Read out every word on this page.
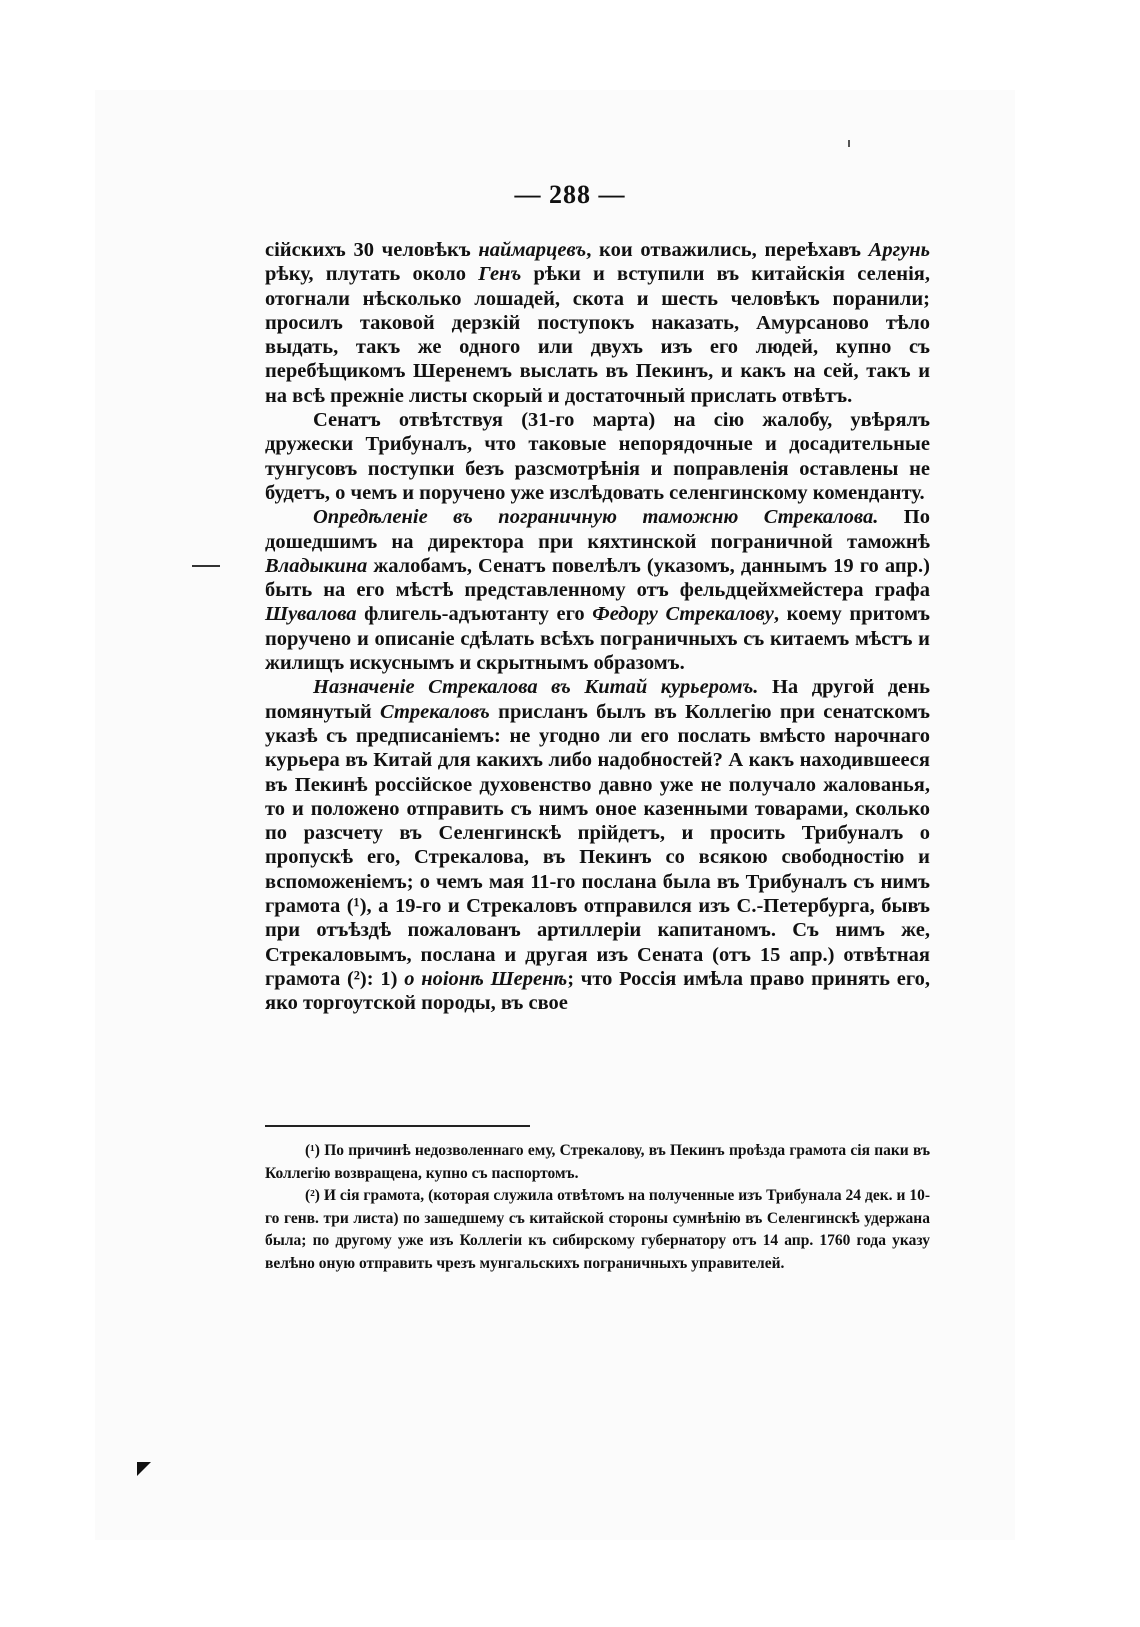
— 288 —

сійскихъ 30 человѣкъ наймарцевъ, кои отважились, переѣхавъ Аргунь рѣку, плутать около Генъ рѣки и вступили въ китайскія селенія, отогнали нѣсколько лошадей, скота и шесть человѣкъ поранили; просилъ таковой дерзкій поступокъ наказать, Амурсаново тѣло выдать, такъ же одного или двухъ изъ его людей, купно съ перебѣщикомъ Шеренемъ выслать въ Пекинъ, и какъ на сей, такъ и на всѣ прежніе листы скорый и достаточный прислать отвѣтъ.

Сенатъ отвѣтствуя (31-го марта) на сію жалобу, увѣрялъ дружески Трибуналъ, что таковые непорядочные и досадительные тунгусовъ поступки безъ разсмотрѣнія и поправленія оставлены не будетъ, о чемъ и поручено уже изслѣдовать селенгинскому коменданту.

Опредѣленіе въ пограничную таможню Стрекалова. По дошедшимъ на директора при кяхтинской пограничной таможнѣ Владыкина жалобамъ, Сенатъ повелѣлъ (указомъ, даннымъ 19 го апр.) быть на его мѣстѣ представленному отъ фельдцейхмейстера графа Шувалова флигель-адъютанту его Федору Стрекалову, коему притомъ поручено и описаніе сдѣлать всѣхъ пограничныхъ съ китаемъ мѣстъ и жилищъ искуснымъ и скрытнымъ образомъ.

Назначеніе Стрекалова въ Китай курьеромъ. На другой день помянутый Стрекаловъ присланъ былъ въ Коллегію при сенатскомъ указѣ съ предписаніемъ: не угодно ли его послать вмѣсто нарочнаго курьера въ Китай для какихъ либо надобностей? А какъ находившееся въ Пекинѣ россійское духовенство давно уже не получало жалованья, то и положено отправить съ нимъ оное казенными товарами, сколько по разсчету въ Селенгинскѣ прійдетъ, и просить Трибуналъ о пропускѣ его, Стрекалова, въ Пекинъ со всякою свободностію и вспоможеніемъ; о чемъ мая 11-го послана была въ Трибуналъ съ нимъ грамота (¹), а 19-го и Стрекаловъ отправился изъ С.-Петербурга, бывъ при отъѣздѣ пожалованъ артиллеріи капитаномъ. Съ нимъ же, Стрекаловымъ, послана и другая изъ Сената (отъ 15 апр.) отвѣтная грамота (²): 1) о ноіонѣ Шеренѣ; что Россія имѣла право принять его, яко торгоутской породы, въ свое

(¹) По причинѣ недозволеннаго ему, Стрекалову, въ Пекинъ проѣзда грамота сія паки въ Коллегію возвращена, купно съ паспортомъ.

(²) И сія грамота, (которая служила отвѣтомъ на полученные изъ Трибунала 24 дек. и 10-го генв. три листа) по зашедшему съ китайской стороны сумнѣнію въ Селенгинскѣ удержана была; по другому уже изъ Коллегіи къ сибирскому губернатору отъ 14 апр. 1760 года указу велѣно оную отправить чрезъ мунгальскихъ пограничныхъ управителей.
